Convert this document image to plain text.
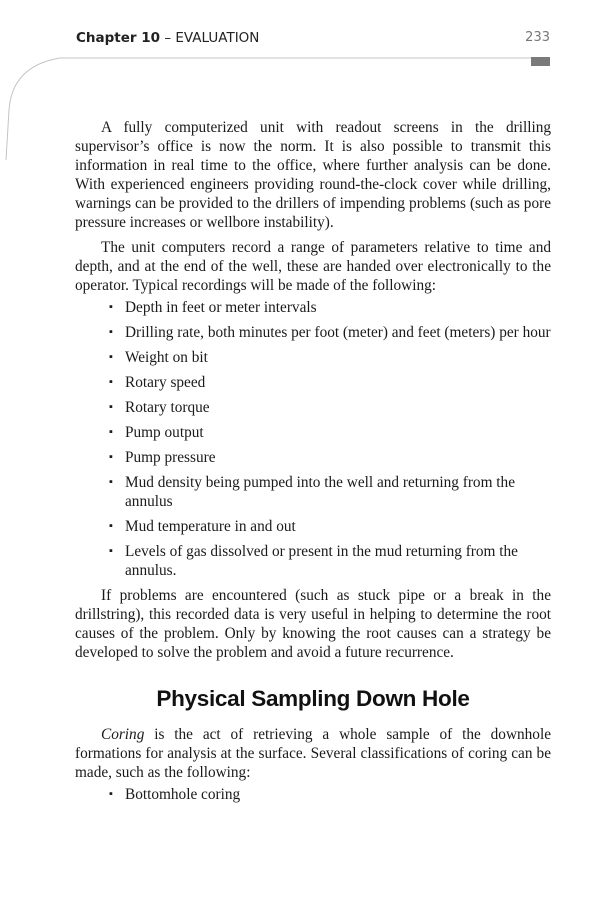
Chapter 10 – EVALUATION	233

A fully computerized unit with readout screens in the drilling supervisor’s office is now the norm. It is also possible to transmit this information in real time to the office, where further analysis can be done. With experienced engineers providing round-the-clock cover while drilling, warnings can be provided to the drillers of impending problems (such as pore pressure increases or wellbore instability).

The unit computers record a range of parameters relative to time and depth, and at the end of the well, these are handed over electronically to the operator. Typical recordings will be made of the following:

▪ Depth in feet or meter intervals
▪ Drilling rate, both minutes per foot (meter) and feet (meters) per hour
▪ Weight on bit
▪ Rotary speed
▪ Rotary torque
▪ Pump output
▪ Pump pressure
▪ Mud density being pumped into the well and returning from the annulus
▪ Mud temperature in and out
▪ Levels of gas dissolved or present in the mud returning from the annulus.

If problems are encountered (such as stuck pipe or a break in the drillstring), this recorded data is very useful in helping to determine the root causes of the problem. Only by knowing the root causes can a strategy be developed to solve the problem and avoid a future recurrence.

Physical Sampling Down Hole

Coring is the act of retrieving a whole sample of the downhole formations for analysis at the surface. Several classifications of coring can be made, such as the following:

▪ Bottomhole coring
